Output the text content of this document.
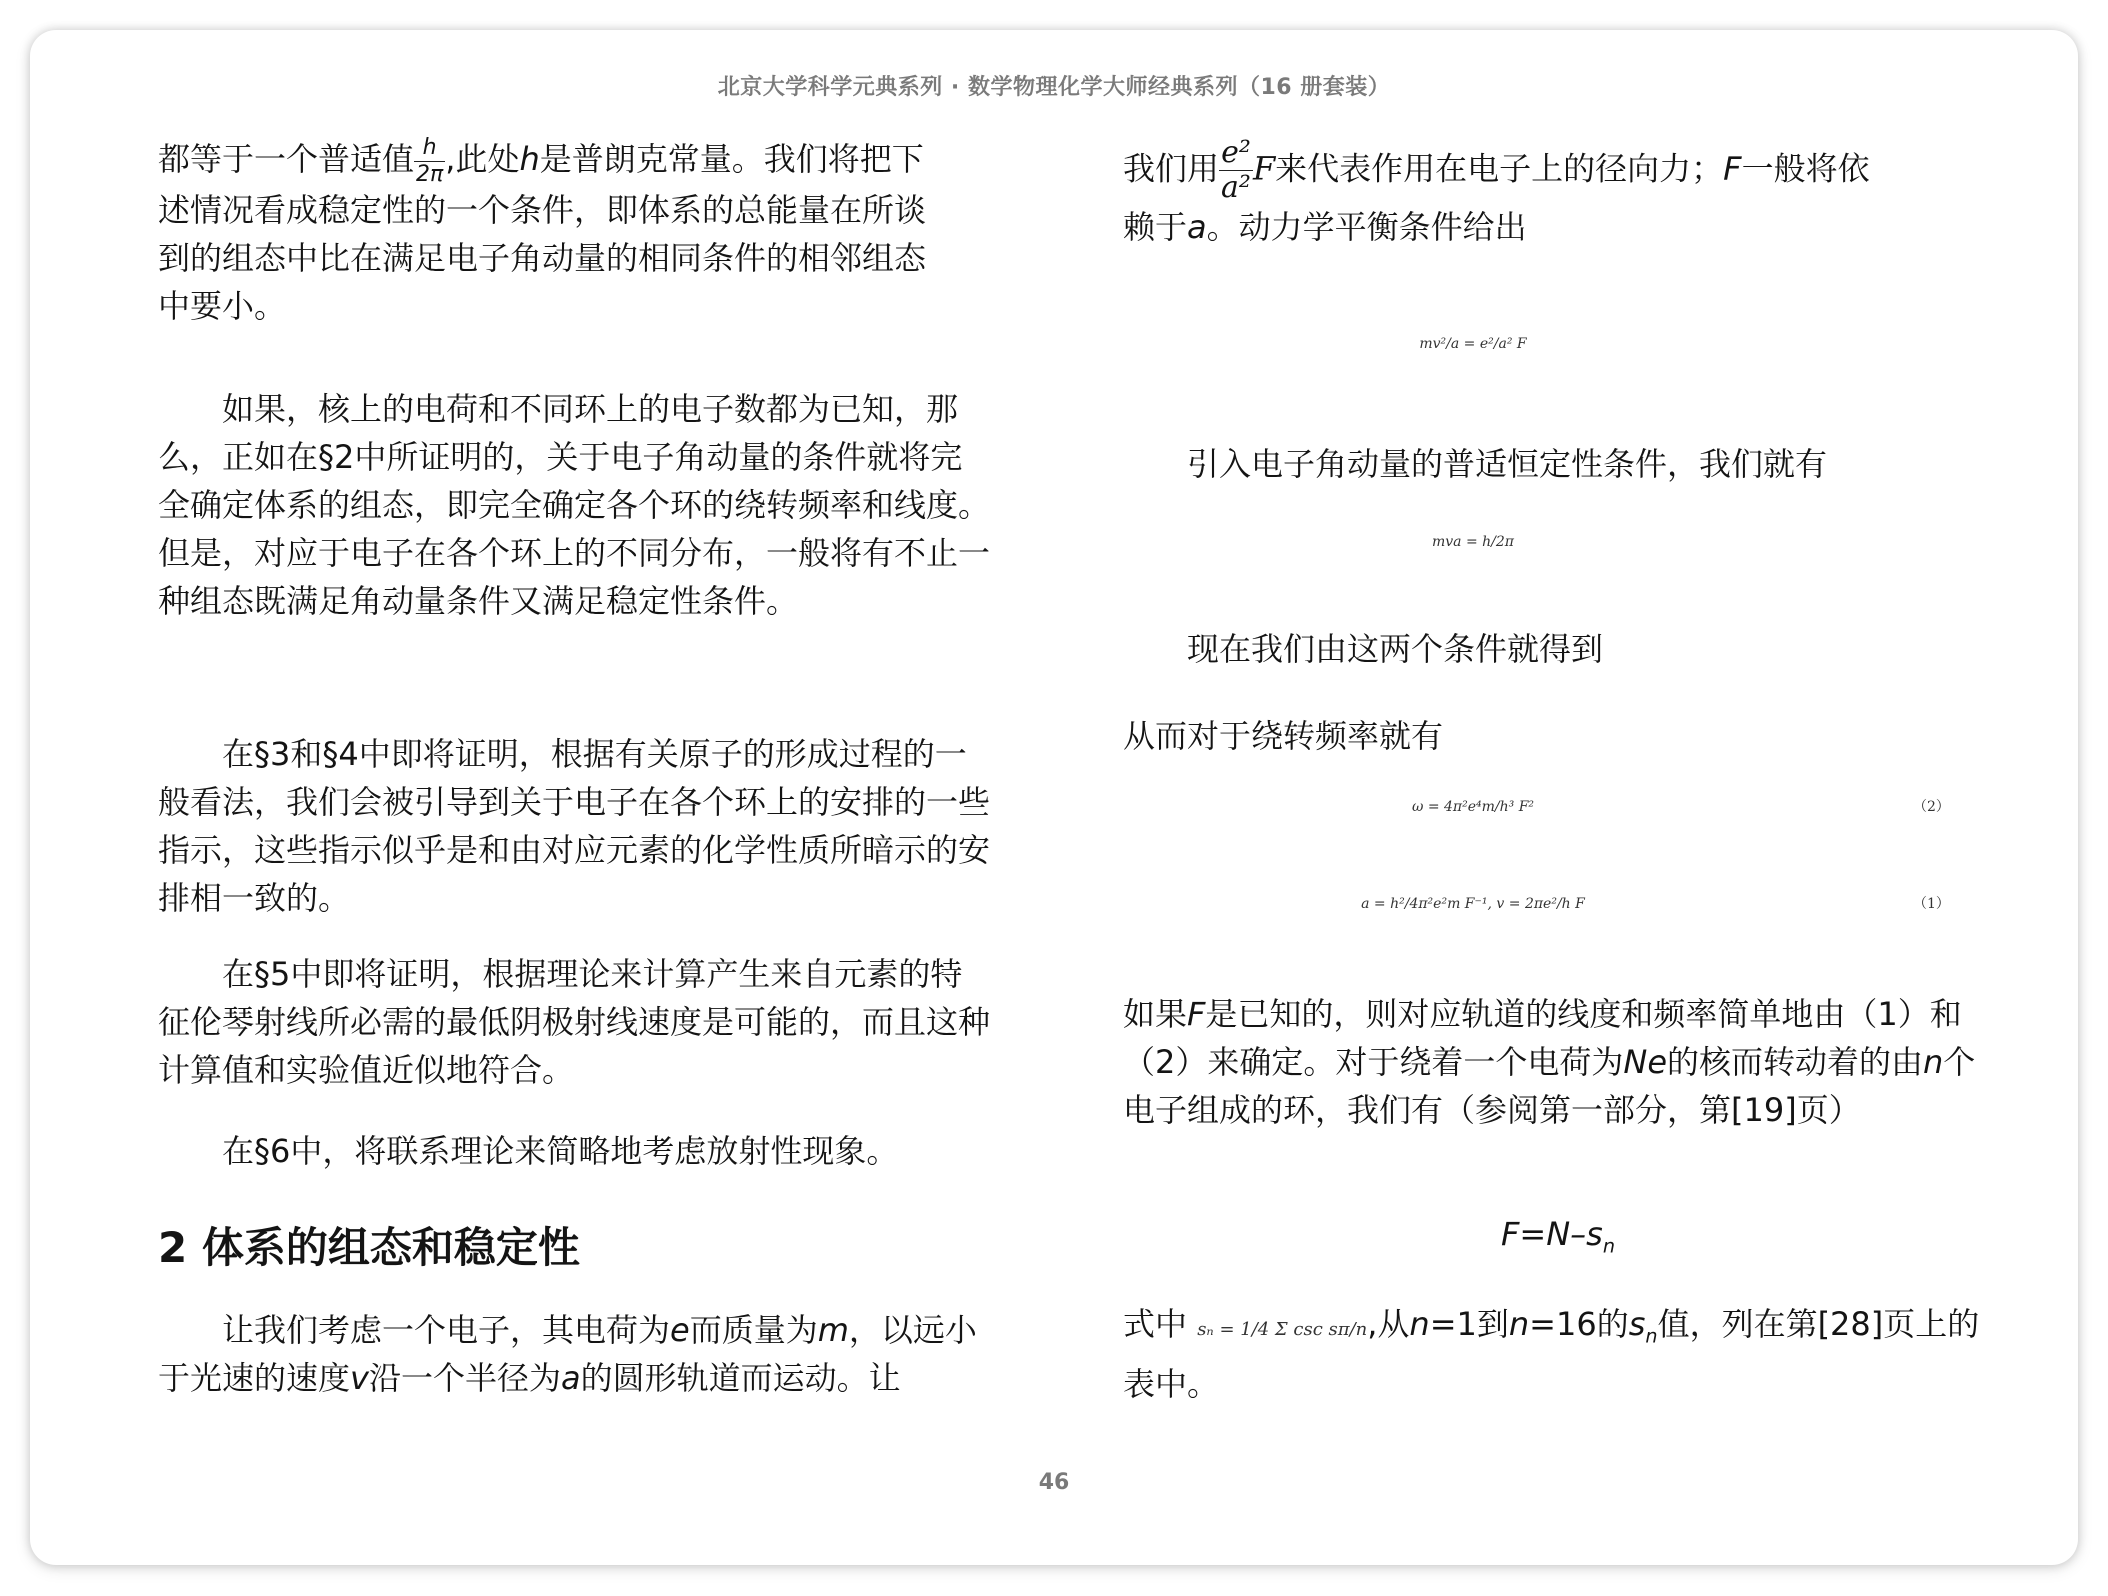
北京大学科学元典系列 · 数学物理化学大师经典系列（16 册套装）
都等于一个普适值 $\frac{h}{2\pi}$ ,此处h是普朗克常量。我们将把下
述情况看成稳定性的一个条件，即体系的总能量在所谈
到的组态中比在满足电子角动量的相同条件的相邻组态
中要小。
如果，核上的电荷和不同环上的电子数都为已知，那么，正如在§2中所证明的，关于电子角动量的条件就将完全确定体系的组态，即完全确定各个环的绕转频率和线度。但是，对应于电子在各个环上的不同分布，一般将有不止一种组态既满足角动量条件又满足稳定性条件。
在§3和§4中即将证明，根据有关原子的形成过程的一般看法，我们会被引导到关于电子在各个环上的安排的一些指示，这些指示似乎是和由对应元素的化学性质所暗示的安排相一致的。
在§5中即将证明，根据理论来计算产生来自元素的特征伦琴射线所必需的最低阴极射线速度是可能的，而且这种计算值和实验值近似地符合。
在§6中，将联系理论来简略地考虑放射性现象。
2 体系的组态和稳定性
让我们考虑一个电子，其电荷为e而质量为m，以远小于光速的速度v沿一个半径为a的圆形轨道而运动。让
我们用 $\frac{\text{e²}}{\text{a²}}$ F来代表作用在电子上的径向力；F一般将依
赖于a。动力学平衡条件给出
mv²/a = e²/a² F
引入电子角动量的普适恒定性条件，我们就有
mva = h/2π
现在我们由这两个条件就得到
从而对于绕转频率就有
ω = 4π²e⁴m/h³ F²	（2）
a = h²/4π²e²m F⁻¹, v = 2πe²/h F	（1）
如果F是已知的，则对应轨道的线度和频率简单地由（1）和（2）来确定。对于绕着一个电荷为Ne的核而转动着的由n个电子组成的环，我们有（参阅第一部分，第[19]页）
$F=N-s_n$
式中 sₙ = 1/4 Σ csc sπ/n,从n=1到n=16的$s_n$值，列在第[28]页上的表中。
46
